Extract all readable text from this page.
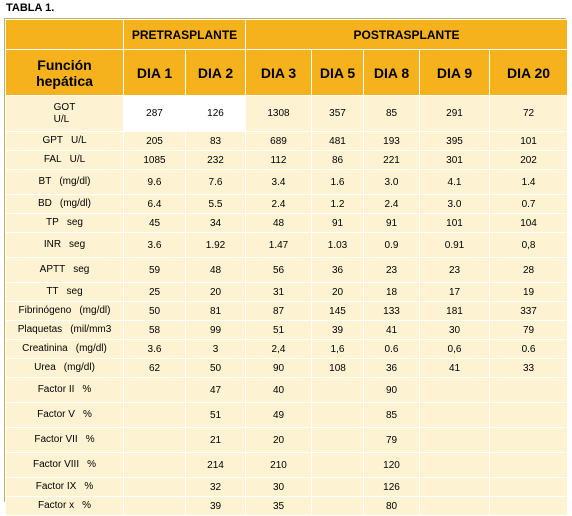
TABLA 1.
	PRETRASPLANTE		POSTRASPLANTE				
Función
hepática	DIA 1	DIA 2	DIA 3	DIA 5	DIA 8	DIA 9	DIA 20
GOT
U/L	287	126	1308	357	85	291	72
GPT U/L	205	83	689	481	193	395	101
FAL U/L	1085	232	112	86	221	301	202
BT (mg/dl)	9.6	7.6	3.4	1.6	3.0	4.1	1.4
BD (mg/dl)	6.4	5.5	2.4	1.2	2.4	3.0	0.7
TP seg	45	34	48	91	91	101	104
INR seg	3.6	1.92	1.47	1.03	0.9	0.91	0,8
APTT seg	59	48	56	36	23	23	28
TT seg	25	20	31	20	18	17	19
Fibrinógeno (mg/dl)	50	81	87	145	133	181	337
Plaquetas (mil/mm3	58	99	51	39	41	30	79
Creatinina (mg/dl)	3.6	3	2,4	1,6	0.6	0,6	0.6
Urea (mg/dl)	62	50	90	108	36	41	33
Factor II %		47	40		90		
Factor V %		51	49		85		
Factor VII %		21	20		79		
Factor VIII %		214	210		120		
Factor IX %		32	30		126		
Factor x %		39	35		80		
